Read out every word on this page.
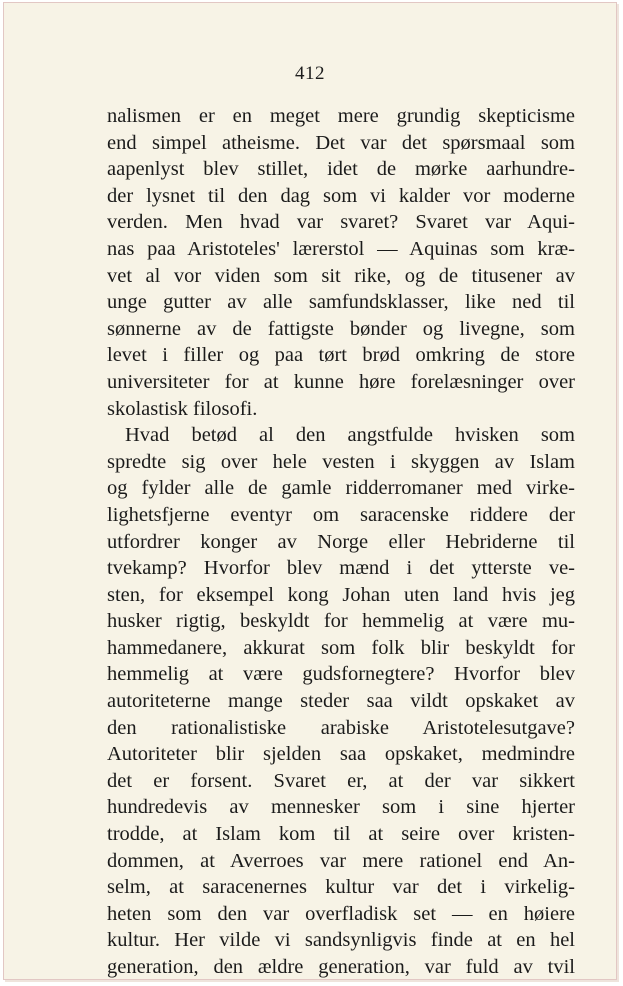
412
nalismen er en meget mere grundig skepticisme
end simpel atheisme. Det var det spørsmaal som
aapenlyst blev stillet, idet de mørke aarhundre-
der lysnet til den dag som vi kalder vor moderne
verden. Men hvad var svaret? Svaret var Aqui-
nas paa Aristoteles' lærerstol — Aquinas som kræ-
vet al vor viden som sit rike, og de titusener av
unge gutter av alle samfundsklasser, like ned til
sønnerne av de fattigste bønder og livegne, som
levet i filler og paa tørt brød omkring de store
universiteter for at kunne høre forelæsninger over
skolastisk filosofi.
Hvad betød al den angstfulde hvisken som
spredte sig over hele vesten i skyggen av Islam
og fylder alle de gamle ridderromaner med virke-
lighetsfjerne eventyr om saracenske riddere der
utfordrer konger av Norge eller Hebriderne til
tvekamp? Hvorfor blev mænd i det ytterste ve-
sten, for eksempel kong Johan uten land hvis jeg
husker rigtig, beskyldt for hemmelig at være mu-
hammedanere, akkurat som folk blir beskyldt for
hemmelig at være gudsfornegtere? Hvorfor blev
autoriteterne mange steder saa vildt opskaket av
den rationalistiske arabiske Aristotelesutgave?
Autoriteter blir sjelden saa opskaket, medmindre
det er forsent. Svaret er, at der var sikkert
hundredevis av mennesker som i sine hjerter
trodde, at Islam kom til at seire over kristen-
dommen, at Averroes var mere rationel end An-
selm, at saracenernes kultur var det i virkelig-
heten som den var overfladisk set — en høiere
kultur. Her vilde vi sandsynligvis finde at en hel
generation, den ældre generation, var fuld av tvil
